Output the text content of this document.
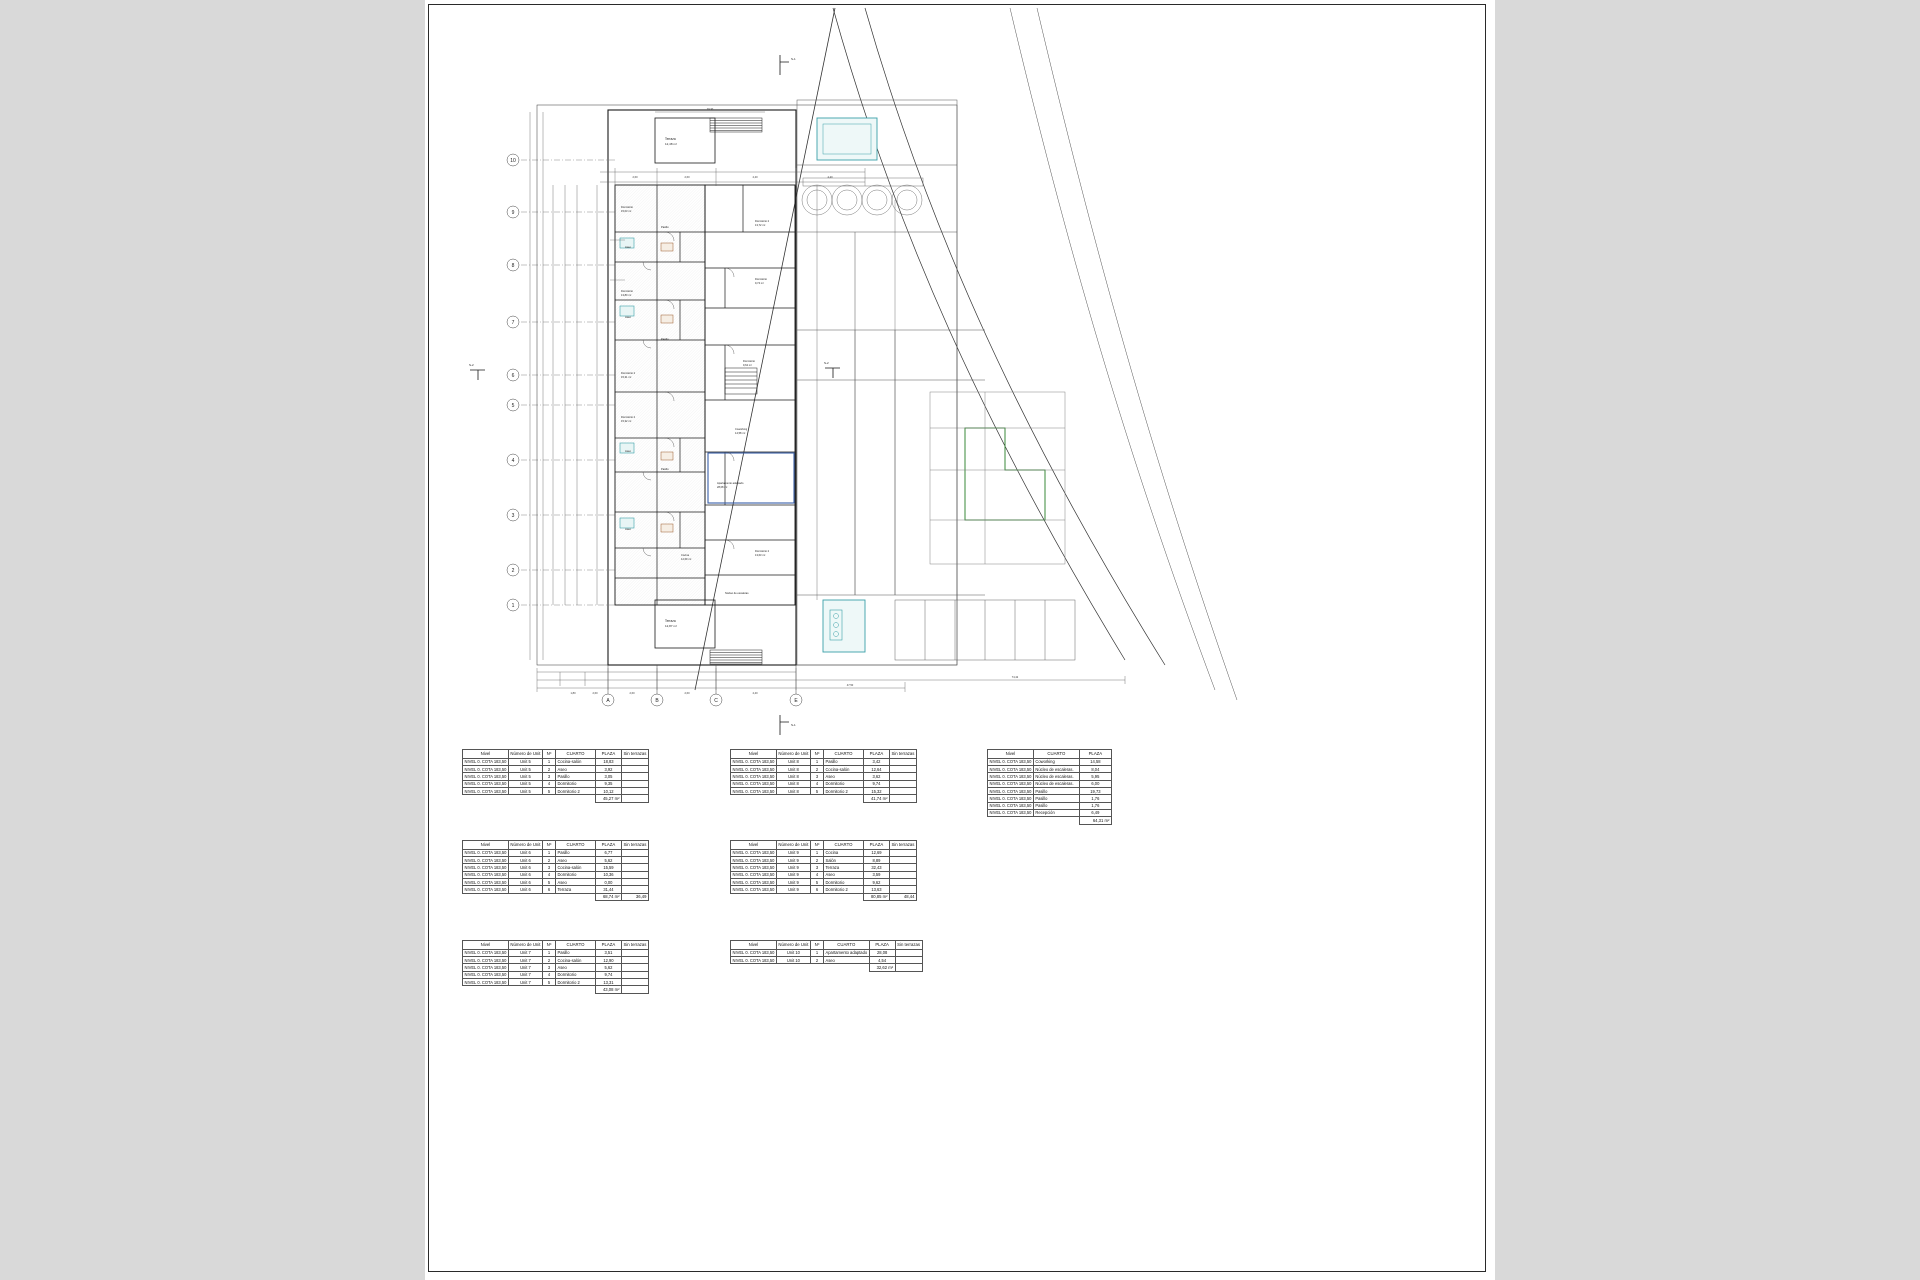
Terraza
12,48 m²
Terraza
12,87 m²
A	B	C	E
1
2
3
4
5
6
7
8
9
10
29,30
1,80	2,60	2,60	2,60	4,40
47,50
74,42
2,60	2,60	4,40	4,40
S-1
S-1
S-2	S-2
Dormitorio
15,03 m²
Dormitorio 2
13,72 m²
Dormitorio
13,80 m²
Dormitorio
9,74 m²
Dormitorio 2
15,31 m²
Dormitorio
9,62 m²
Dormitorio 2
15,32 m²
Coworking
14,58 m²
Apartamento adaptado
28,08 m²
Dormitorio 2
13,63 m²
Cocina
12,69 m²
Núcleo de escaleras
Aseo
Aseo
Aseo
Aseo
Pasillo
Pasillo
Pasillo
Nivel	Número de Unit	Nº	CUARTO	PLAZA	Sin terrazas
NIVEL 0. COTA 183,50	Unit 5	1	Cocina-salón	18,83	
NIVEL 0. COTA 183,50	Unit 5	2	Aseo	3,92	
NIVEL 0. COTA 183,50	Unit 5	3	Pasillo	3,05	
NIVEL 0. COTA 183,50	Unit 5	4	Dormitorio	9,35	
NIVEL 0. COTA 183,50	Unit 5	5	Dormitorio 2	10,12	
				45,27 m²	
Nivel	Número de Unit	Nº	CUARTO	PLAZA	Sin terrazas
NIVEL 0. COTA 183,50	Unit 6	1	Pasillo	6,77	
NIVEL 0. COTA 183,50	Unit 6	2	Aseo	5,62	
NIVEL 0. COTA 183,50	Unit 6	3	Cocina-salón	15,59	
NIVEL 0. COTA 183,50	Unit 6	4	Dormitorio	10,36	
NIVEL 0. COTA 183,50	Unit 6	5	Aseo	0,00	
NIVEL 0. COTA 183,50	Unit 6	6	Terraza	31,44	
				68,74 m²	36,49
Nivel	Número de Unit	Nº	CUARTO	PLAZA	Sin terrazas
NIVEL 0. COTA 183,50	Unit 7	1	Pasillo	3,51	
NIVEL 0. COTA 183,50	Unit 7	2	Cocina-salón	12,90	
NIVEL 0. COTA 183,50	Unit 7	3	Aseo	5,62	
NIVEL 0. COTA 183,50	Unit 7	4	Dormitorio	9,74	
NIVEL 0. COTA 183,50	Unit 7	5	Dormitorio 2	13,31	
				43,08 m²	
Nivel	Número de Unit	Nº	CUARTO	PLAZA	Sin terrazas
NIVEL 0. COTA 183,50	Unit 8	1	Pasillo	3,42	
NIVEL 0. COTA 183,50	Unit 8	2	Cocina-salón	12,64	
NIVEL 0. COTA 183,50	Unit 8	3	Aseo	3,62	
NIVEL 0. COTA 183,50	Unit 8	4	Dormitorio	9,74	
NIVEL 0. COTA 183,50	Unit 8	5	Dormitorio 2	15,32	
				41,74 m²	
Nivel	Número de Unit	Nº	CUARTO	PLAZA	Sin terrazas
NIVEL 0. COTA 183,50	Unit 9	1	Cocina	12,69	
NIVEL 0. COTA 183,50	Unit 9	2	Salón	8,89	
NIVEL 0. COTA 183,50	Unit 9	3	Terraza	32,43	
NIVEL 0. COTA 183,50	Unit 9	4	Aseo	3,59	
NIVEL 0. COTA 183,50	Unit 9	5	Dormitorio	9,62	
NIVEL 0. COTA 183,50	Unit 9	6	Dormitorio 2	13,63	
				80,85 m²	48,44
Nivel	Número de Unit	Nº	CUARTO	PLAZA	Sin terrazas
NIVEL 0. COTA 183,50	Unit 10	1	Apartamento adaptado	28,08	
NIVEL 0. COTA 183,50	Unit 10	2	Aseo	4,54	
				32,62 m²	
Nivel	CUARTO	PLAZA
NIVEL 0. COTA 183,50	Coworking	14,58
NIVEL 0. COTA 183,50	Núcleo de escaleras.	8,04
NIVEL 0. COTA 183,50	Núcleo de escaleras.	5,95
NIVEL 0. COTA 183,50	Núcleo de escaleras.	6,00
NIVEL 0. COTA 183,50	Pasillo	19,73
NIVEL 0. COTA 183,50	Pasillo	1,76
NIVEL 0. COTA 183,50	Pasillo	1,76
NIVEL 0. COTA 183,50	Recepción	6,49
		64,31 m²
